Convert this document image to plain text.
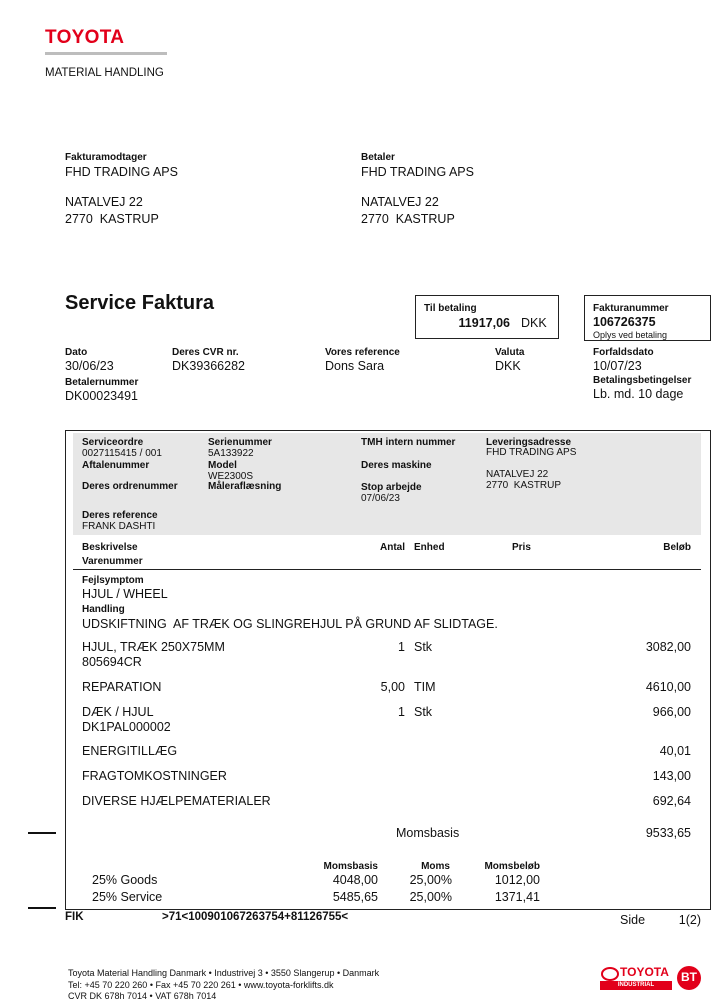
TOYOTA
MATERIAL HANDLING
Fakturamodtager
FHD TRADING APS
NATALVEJ 22
2770  KASTRUP
Betaler
FHD TRADING APS
NATALVEJ 22
2770  KASTRUP
Service Faktura	Til betaling
11917,06 DKK
Fakturanummer
106726375
Oplys ved betaling
Dato
30/06/23
Deres CVR nr.
DK39366282
Vores reference
Dons Sara
Valuta
DKK
Forfaldsdato
10/07/23
Betalernummer
DK00023491
Betalingsbetingelser
Lb. md. 10 dage
Serviceordre
0027115415 / 001
Aftalenummer
Deres ordrenummer
Serienummer
5A133922
Model
WE2300S
Måleraflæsning
TMH intern nummer
Deres maskine
Stop arbejde
07/06/23
Leveringsadresse
FHD TRADING APS
NATALVEJ 22
2770  KASTRUP
Deres reference
FRANK DASHTI
Beskrivelse
Varenummer
Antal Enhed	Pris	Beløb
Fejlsymptom
HJUL / WHEEL
Handling
UDSKIFTNING  AF TRÆK OG SLINGREHJUL PÅ GRUND AF SLIDTAGE.
HJUL, TRÆK 250X75MM
805694CR
1 Stk	3082,00
REPARATION	5,00 TIM	4610,00
DÆK / HJUL
DK1PAL000002
1 Stk	966,00
ENERGITILLÆG	40,01
FRAGTOMKOSTNINGER	143,00
DIVERSE HJÆLPEMATERIALER	692,64
Momsbasis	9533,65
Momsbasis	Moms	Momsbeløb
25% Goods	4048,00	25,00%	1012,00
25% Service	5485,65	25,00%	1371,41
FIK	>71<100901067263754+81126755<	Side	1(2)
Toyota Material Handling Danmark • Industrivej 3 • 3550 Slangerup • Danmark
Tel: +45 70 220 260 • Fax +45 70 220 261 • www.toyota-forklifts.dk
CVR DK 678h 7014 • VAT 678h 7014
TOYOTA
INDUSTRIAL EQUIPMENT
BT
